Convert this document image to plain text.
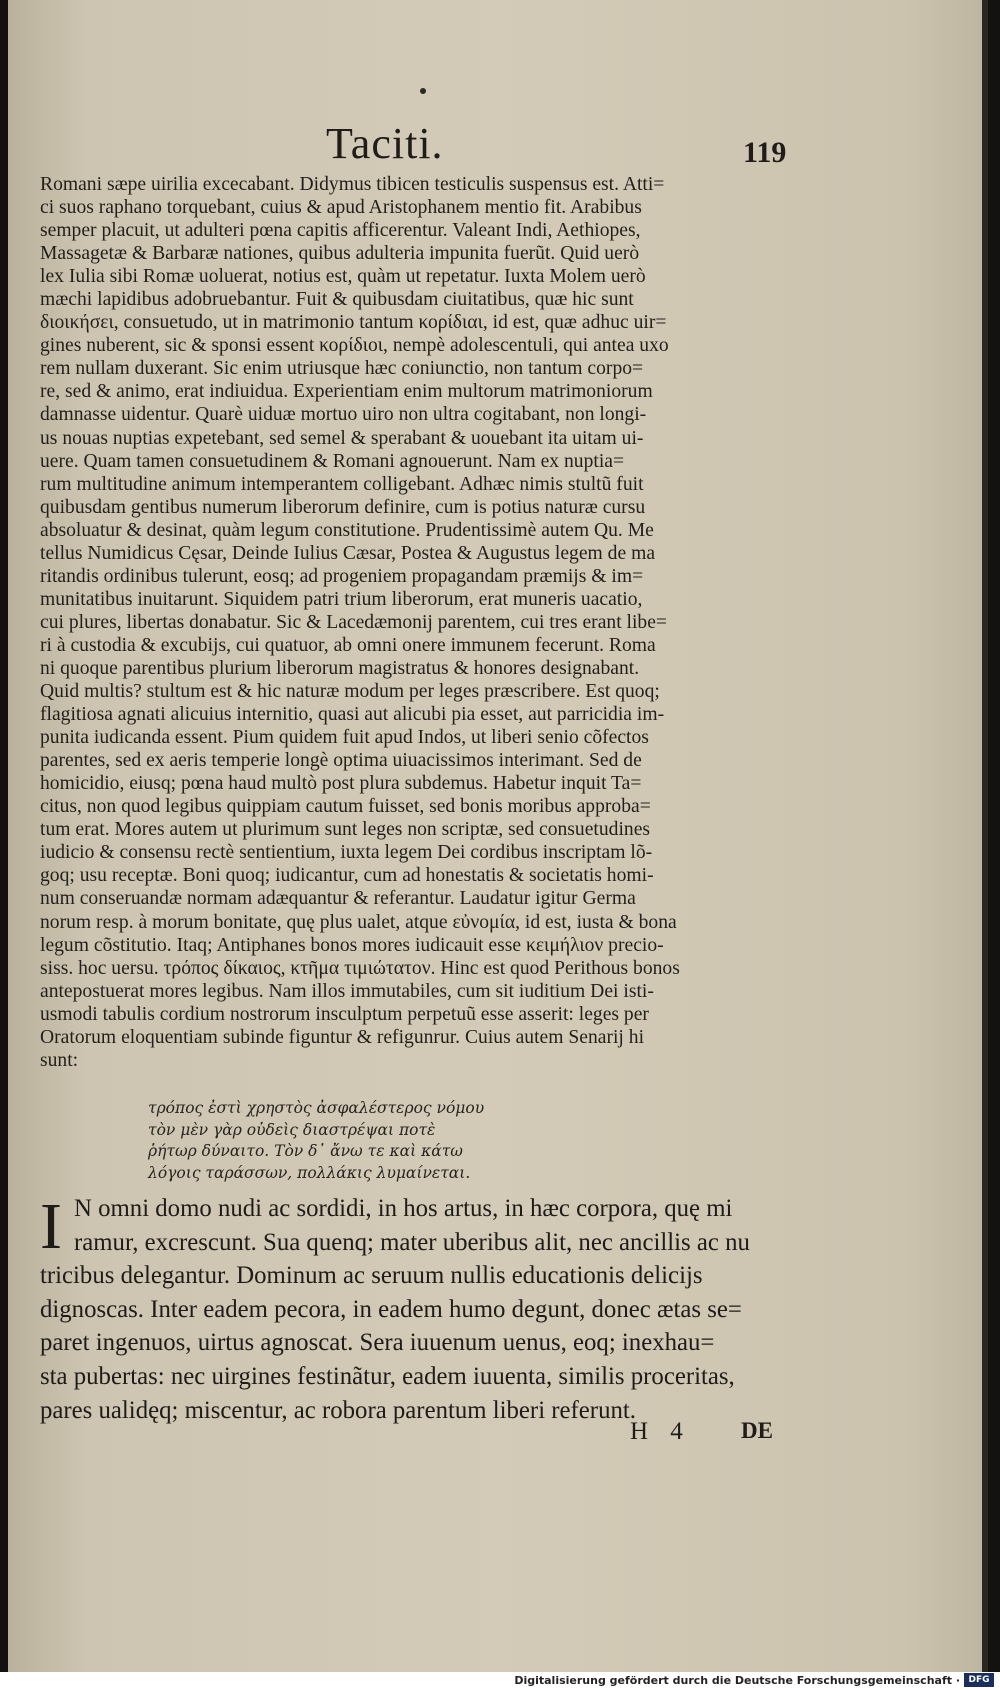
Taciti.	119
Romani sæpe uirilia excecabant. Didymus tibicen testiculis suspensus est. Atti=
ci suos raphano torquebant, cuius & apud Aristophanem mentio fit. Arabibus
semper placuit, ut adulteri pœna capitis afficerentur. Valeant Indi, Aethiopes,
Massagetæ & Barbaræ nationes, quibus adulteria impunita fuerũt. Quid uerò
lex Iulia sibi Romæ uoluerat, notius est, quàm ut repetatur. Iuxta Molem uerò
mæchi lapidibus adobruebantur. Fuit & quibusdam ciuitatibus, quæ hic sunt
διοικήσει, consuetudo, ut in matrimonio tantum κορίδιαι, id est, quæ adhuc uir=
gines nuberent, sic & sponsi essent κορίδιοι, nempè adolescentuli, qui antea uxo
rem nullam duxerant. Sic enim utriusque hæc coniunctio, non tantum corpo=
re, sed & animo, erat indiuidua. Experientiam enim multorum matrimoniorum
damnasse uidentur. Quarè uiduæ mortuo uiro non ultra cogitabant, non longi-
us nouas nuptias expetebant, sed semel & sperabant & uouebant ita uitam ui-
uere. Quam tamen consuetudinem & Romani agnouerunt. Nam ex nuptia=
rum multitudine animum intemperantem colligebant. Adhæc nimis stultũ fuit
quibusdam gentibus numerum liberorum definire, cum is potius naturæ cursu
absoluatur & desinat, quàm legum constitutione. Prudentissimè autem Qu. Me
tellus Numidicus Cęsar, Deinde Iulius Cæsar, Postea & Augustus legem de ma
ritandis ordinibus tulerunt, eosq; ad progeniem propagandam præmijs & im=
munitatibus inuitarunt. Siquidem patri trium liberorum, erat muneris uacatio,
cui plures, libertas donabatur. Sic & Lacedæmonij parentem, cui tres erant libe=
ri à custodia & excubijs, cui quatuor, ab omni onere immunem fecerunt. Roma
ni quoque parentibus plurium liberorum magistratus & honores designabant.
Quid multis? stultum est & hic naturæ modum per leges præscribere. Est quoq;
flagitiosa agnati alicuius internitio, quasi aut alicubi pia esset, aut parricidia im-
punita iudicanda essent. Pium quidem fuit apud Indos, ut liberi senio cõfectos
parentes, sed ex aeris temperie longè optima uiuacissimos interimant. Sed de
homicidio, eiusq; pœna haud multò post plura subdemus. Habetur inquit Ta=
citus, non quod legibus quippiam cautum fuisset, sed bonis moribus approba=
tum erat. Mores autem ut plurimum sunt leges non scriptæ, sed consuetudines
iudicio & consensu rectè sentientium, iuxta legem Dei cordibus inscriptam lõ-
goq; usu receptæ. Boni quoq; iudicantur, cum ad honestatis & societatis homi-
num conseruandæ normam adæquantur & referantur. Laudatur igitur Germa
norum resp. à morum bonitate, quę plus ualet, atque εὐνομία, id est, iusta & bona
legum cõstitutio. Itaq; Antiphanes bonos mores iudicauit esse κειμήλιον precio-
siss. hoc uersu. τρόπος δίκαιος, κτῆμα τιμιώτατον. Hinc est quod Perithous bonos
antepostuerat mores legibus. Nam illos immutabiles, cum sit iuditium Dei isti-
usmodi tabulis cordium nostrorum insculptum perpetuũ esse asserit: leges per
Oratorum eloquentiam subinde figuntur & refigunrur. Cuius autem Senarij hi
sunt:
τρόπος ἐστὶ χρηστὸς ἀσφαλέστερος νόμου
τὸν μὲν γὰρ οὐδεὶς διαστρέψαι ποτὲ
ῥήτωρ δύναιτο. Τὸν δ᾽ ἄνω τε καὶ κάτω
λόγοις ταράσσων, πολλάκις λυμαίνεται.
I N omni domo nudi ac sordidi, in hos artus, in hæc corpora, quę mi
ramur, excrescunt. Sua quenq; mater uberibus alit, nec ancillis ac nu
tricibus delegantur. Dominum ac seruum nullis educationis delicijs
dignoscas. Inter eadem pecora, in eadem humo degunt, donec ætas se=
paret ingenuos, uirtus agnoscat. Sera iuuenum uenus, eoq; inexhau=
sta pubertas: nec uirgines festinãtur, eadem iuuenta, similis proceritas,
pares ualidęq; miscentur, ac robora parentum liberi referunt.
H 4 DE
Digitalisierung gefördert durch die Deutsche Forschungsgemeinschaft · DFG
